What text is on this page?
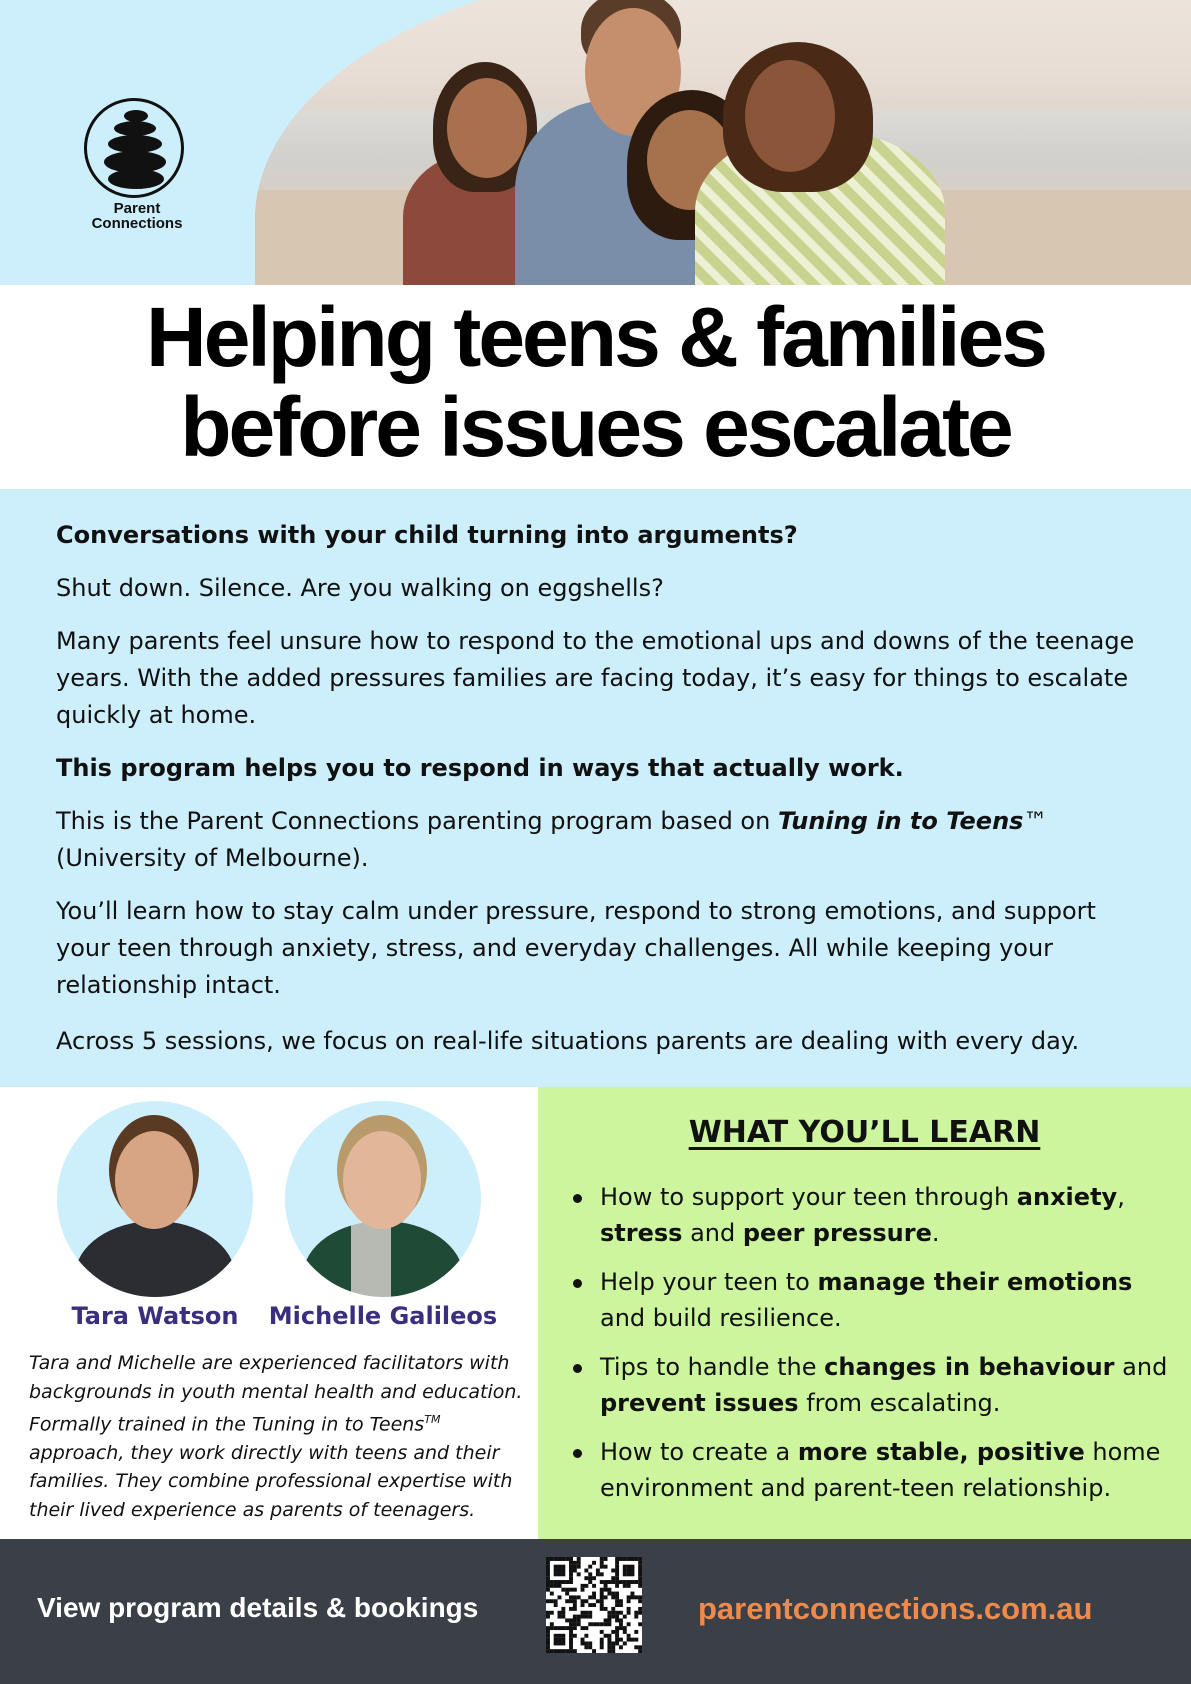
Parent
Connections
Helping teens & families
before issues escalate

Conversations with your child turning into arguments?

Shut down. Silence. Are you walking on eggshells?

Many parents feel unsure how to respond to the emotional ups and downs of the teenage years. With the added pressures families are facing today, it’s easy for things to escalate quickly at home.

This program helps you to respond in ways that actually work.

This is the Parent Connections parenting program based on Tuning in to Teens™ (University of Melbourne).

You’ll learn how to stay calm under pressure, respond to strong emotions, and support your teen through anxiety, stress, and everyday challenges. All while keeping your relationship intact.

Across 5 sessions, we focus on real-life situations parents are dealing with every day.

Tara Watson	Michelle Galileos

Tara and Michelle are experienced facilitators with backgrounds in youth mental health and education. Formally trained in the Tuning in to Teens™ approach, they work directly with teens and their families. They combine professional expertise with their lived experience as parents of teenagers.

WHAT YOU’LL LEARN
How to support your teen through anxiety, stress and peer pressure.
Help your teen to manage their emotions and build resilience.
Tips to handle the changes in behaviour and prevent issues from escalating.
How to create a more stable, positive home environment and parent-teen relationship.
View program details & bookings	parentconnections.com.au
